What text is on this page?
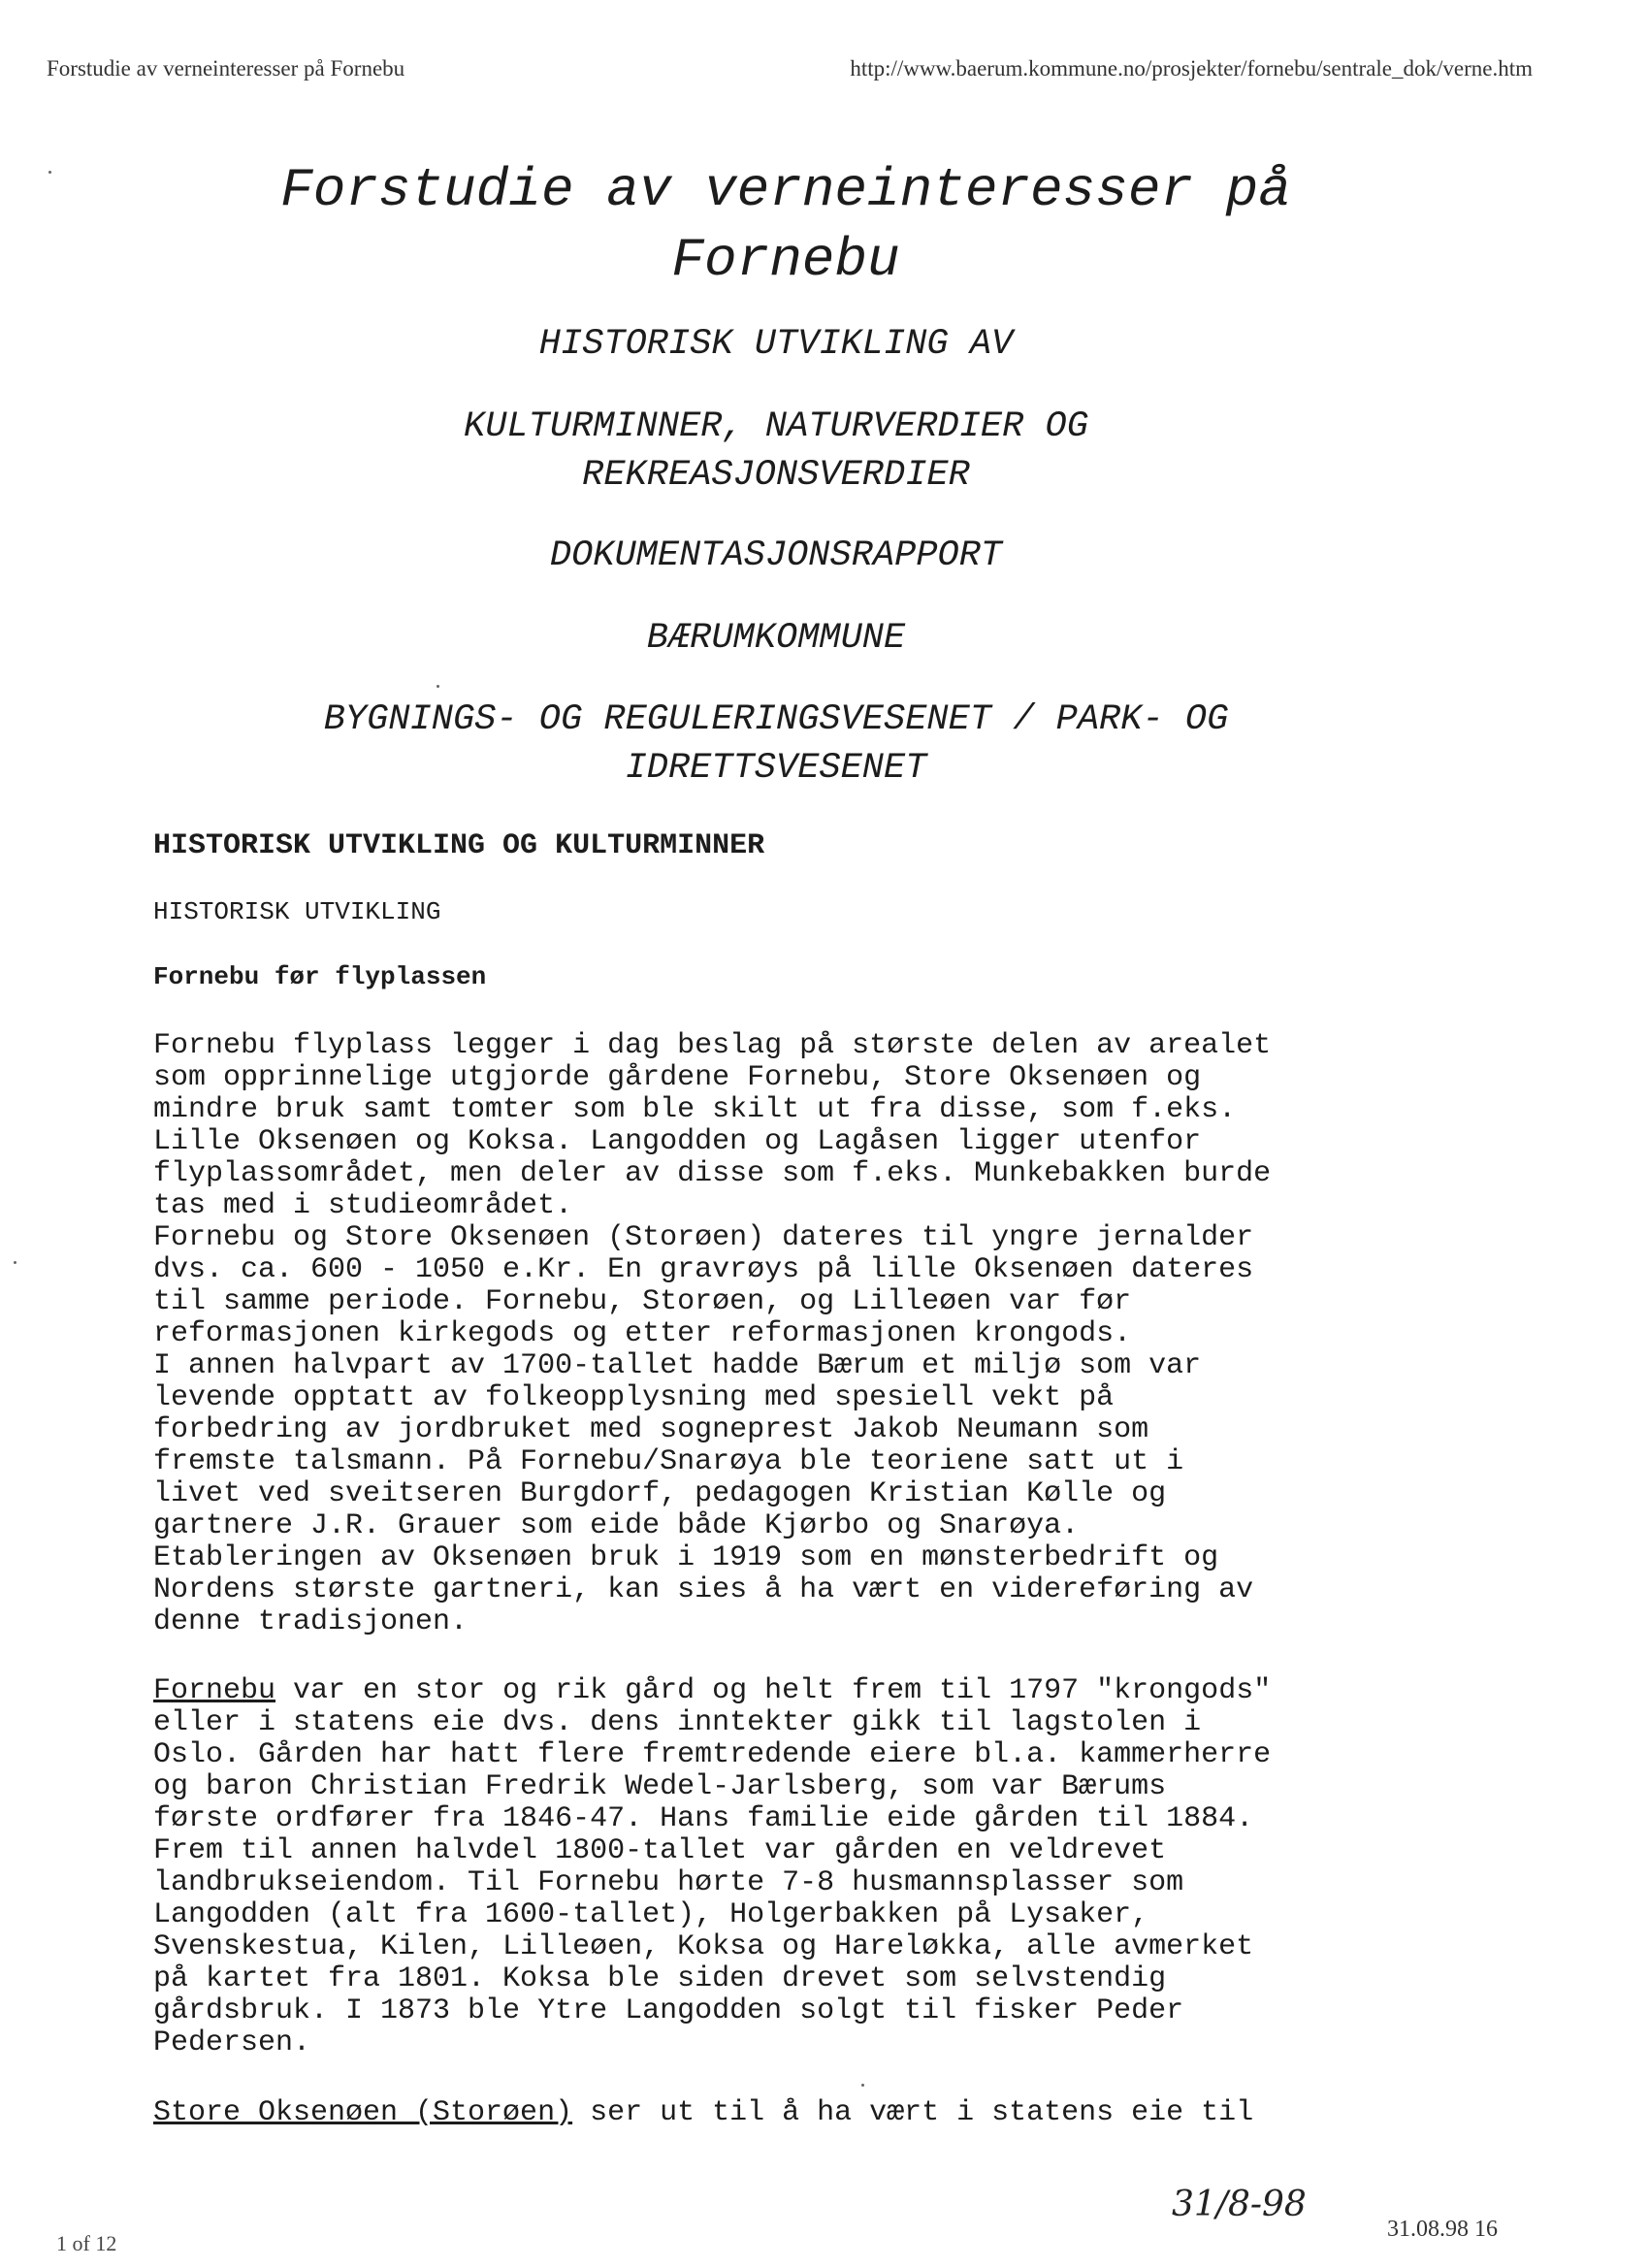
Forstudie av verneinteresser på Fornebu	http://www.baerum.kommune.no/prosjekter/fornebu/sentrale_dok/verne.htm
Forstudie av verneinteresser på
Fornebu
HISTORISK UTVIKLING AV
KULTURMINNER, NATURVERDIER OG
REKREASJONSVERDIER
DOKUMENTASJONSRAPPORT
BÆRUMKOMMUNE
BYGNINGS- OG REGULERINGSVESENET / PARK- OG
IDRETTSVESENET
HISTORISK UTVIKLING OG KULTURMINNER
HISTORISK UTVIKLING
Fornebu før flyplassen
Fornebu flyplass legger i dag beslag på største delen av arealet
som opprinnelige utgjorde gårdene Fornebu, Store Oksenøen og
mindre bruk samt tomter som ble skilt ut fra disse, som f.eks.
Lille Oksenøen og Koksa. Langodden og Lagåsen ligger utenfor
flyplassområdet, men deler av disse som f.eks. Munkebakken burde
tas med i studieområdet.
Fornebu og Store Oksenøen (Storøen) dateres til yngre jernalder
dvs. ca. 600 - 1050 e.Kr. En gravrøys på lille Oksenøen dateres
til samme periode. Fornebu, Storøen, og Lilleøen var før
reformasjonen kirkegods og etter reformasjonen krongods.
I annen halvpart av 1700-tallet hadde Bærum et miljø som var
levende opptatt av folkeopplysning med spesiell vekt på
forbedring av jordbruket med sogneprest Jakob Neumann som
fremste talsmann. På Fornebu/Snarøya ble teoriene satt ut i
livet ved sveitseren Burgdorf, pedagogen Kristian Kølle og
gartnere J.R. Grauer som eide både Kjørbo og Snarøya.
Etableringen av Oksenøen bruk i 1919 som en mønsterbedrift og
Nordens største gartneri, kan sies å ha vært en videreføring av
denne tradisjonen.
Fornebu var en stor og rik gård og helt frem til 1797 "krongods"
eller i statens eie dvs. dens inntekter gikk til lagstolen i
Oslo. Gården har hatt flere fremtredende eiere bl.a. kammerherre
og baron Christian Fredrik Wedel-Jarlsberg, som var Bærums
første ordfører fra 1846-47. Hans familie eide gården til 1884.
Frem til annen halvdel 1800-tallet var gården en veldrevet
landbrukseiendom. Til Fornebu hørte 7-8 husmannsplasser som
Langodden (alt fra 1600-tallet), Holgerbakken på Lysaker,
Svenskestua, Kilen, Lilleøen, Koksa og Hareløkka, alle avmerket
på kartet fra 1801. Koksa ble siden drevet som selvstendig
gårdsbruk. I 1873 ble Ytre Langodden solgt til fisker Peder
Pedersen.
Store Oksenøen (Storøen) ser ut til å ha vært i statens eie til
31/8-98
31.08.98 16
1 of 12
